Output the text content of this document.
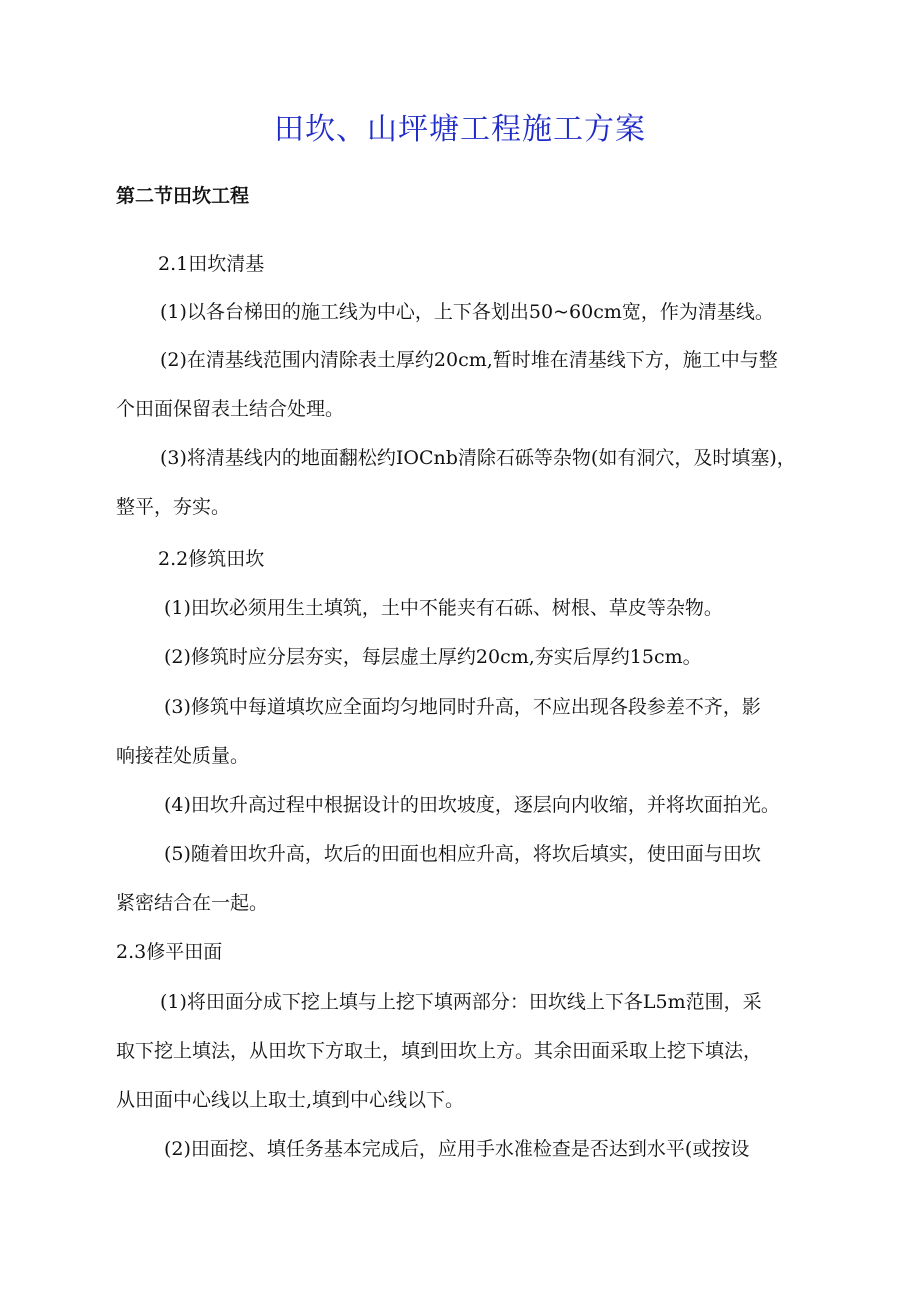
田坎、山坪塘工程施工方案
第二节田坎工程
2.1田坎清基
(1)以各台梯田的施工线为中心，上下各划出50~60cm宽，作为清基线。
(2)在清基线范围内清除表土厚约20cm,暂时堆在清基线下方，施工中与整
个田面保留表土结合处理。
(3)将清基线内的地面翻松约IOCnb清除石砾等杂物(如有洞穴，及时填塞)，
整平，夯实。
2.2修筑田坎
(1)田坎必须用生土填筑，土中不能夹有石砾、树根、草皮等杂物。
(2)修筑时应分层夯实，每层虚土厚约20cm,夯实后厚约15cm。
(3)修筑中每道填坎应全面均匀地同时升高，不应出现各段参差不齐，影
响接茬处质量。
(4)田坎升高过程中根据设计的田坎坡度，逐层向内收缩，并将坎面拍光。
(5)随着田坎升高，坎后的田面也相应升高，将坎后填实，使田面与田坎
紧密结合在一起。
2.3修平田面
(1)将田面分成下挖上填与上挖下填两部分：田坎线上下各L5m范围，采
取下挖上填法，从田坎下方取土，填到田坎上方。其余田面采取上挖下填法，
从田面中心线以上取士,填到中心线以下。
(2)田面挖、填任务基本完成后，应用手水准检查是否达到水平(或按设
